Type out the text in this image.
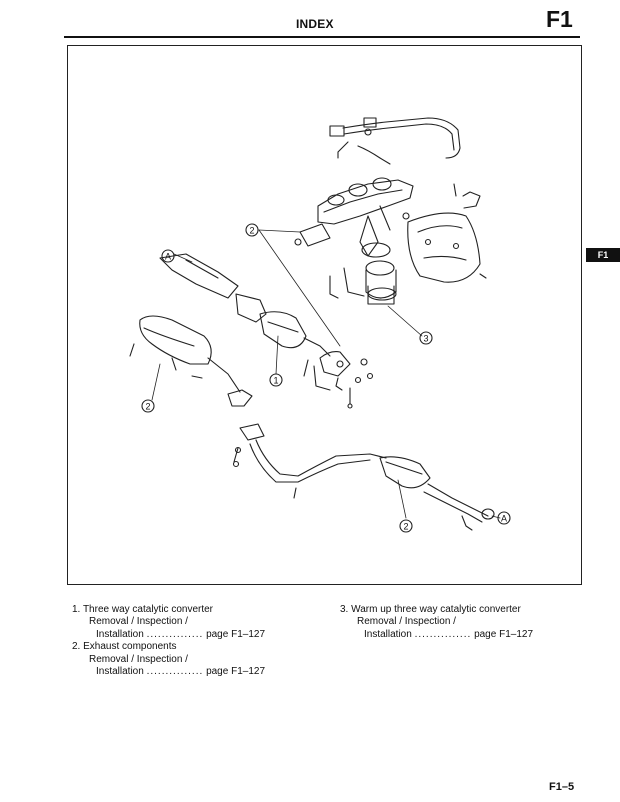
INDEX	F1
2
1
2
3
2
A
A
F1
1. Three way catalytic converter
Removal / Inspection /
Installation ............... page F1–127
2. Exhaust components
Removal / Inspection /
Installation ............... page F1–127
3. Warm up three way catalytic converter
Removal / Inspection /
Installation ............... page F1–127
F1–5
